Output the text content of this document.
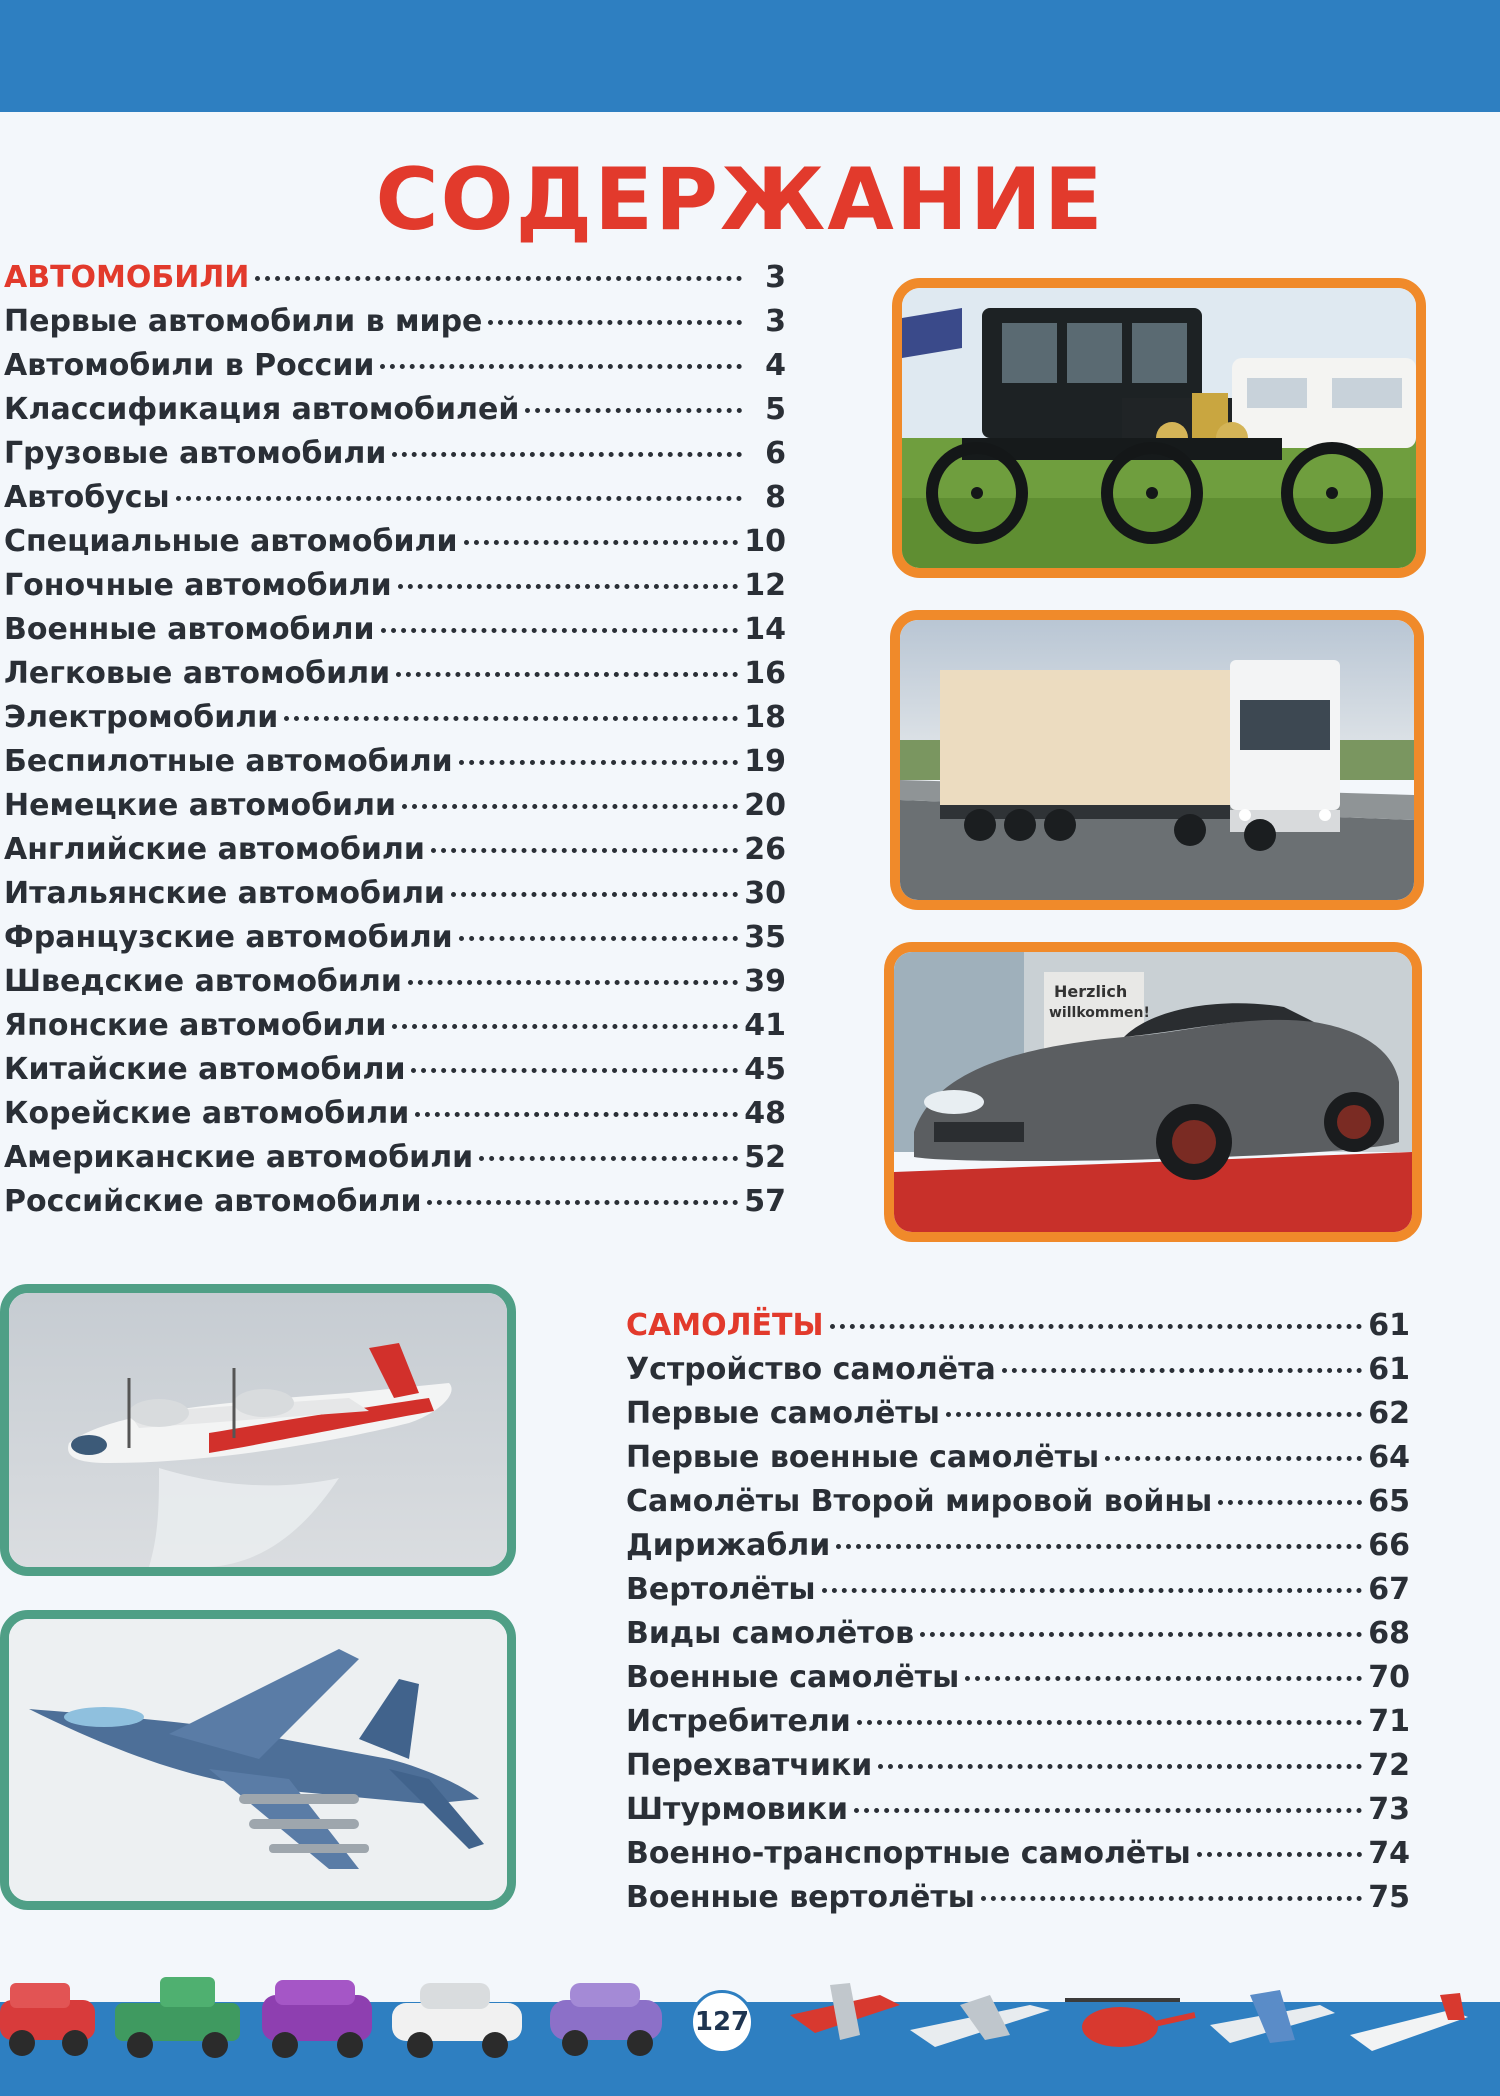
СОДЕРЖАНИЕ
АВТОМОБИЛИ	3
Первые автомобили в мире	3
Автомобили в России	4
Классификация автомобилей	5
Грузовые автомобили	6
Автобусы	8
Специальные автомобили	10
Гоночные автомобили	12
Военные автомобили	14
Легковые автомобили	16
Электромобили	18
Беспилотные автомобили	19
Немецкие автомобили	20
Английские автомобили	26
Итальянские автомобили	30
Французские автомобили	35
Шведские автомобили	39
Японские автомобили	41
Китайские автомобили	45
Корейские автомобили	48
Американские автомобили	52
Российские автомобили	57
САМОЛЁТЫ	61
Устройство самолёта	61
Первые самолёты	62
Первые военные самолёты	64
Самолёты Второй мировой войны	65
Дирижабли	66
Вертолёты	67
Виды самолётов	68
Военные самолёты	70
Истребители	71
Перехватчики	72
Штурмовики	73
Военно-транспортные самолёты	74
Военные вертолёты	75
Herzlich
willkommen!
127
